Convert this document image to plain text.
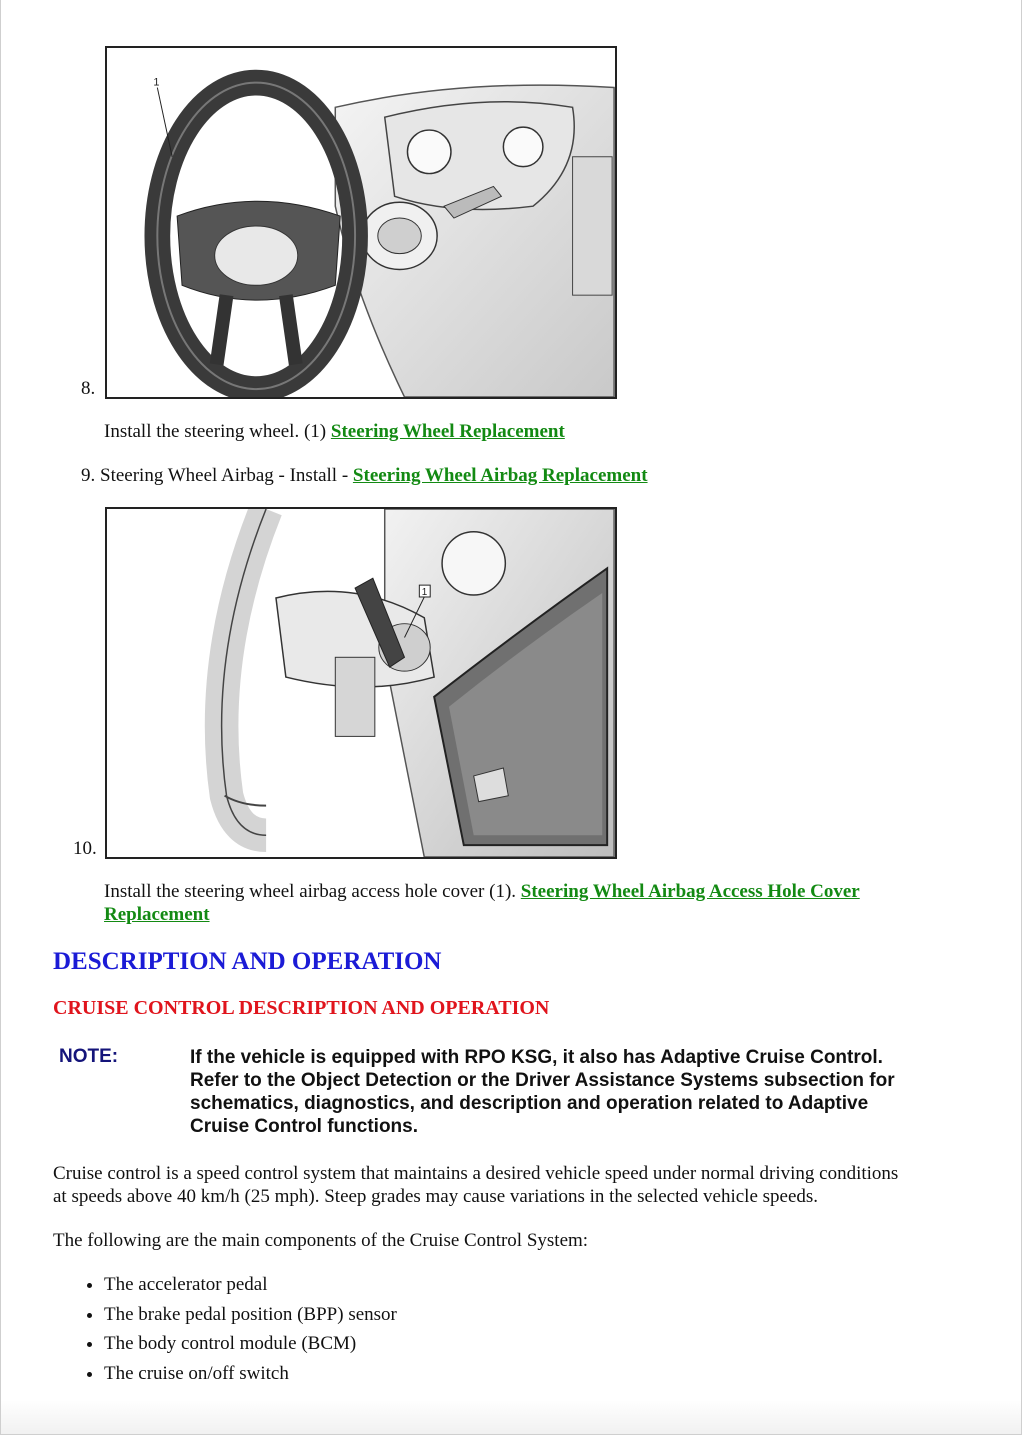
1
8.
Install the steering wheel. (1) Steering Wheel Replacement
9. Steering Wheel Airbag - Install - Steering Wheel Airbag Replacement
1
10.
Install the steering wheel airbag access hole cover (1). Steering Wheel Airbag Access Hole Cover
Replacement
DESCRIPTION AND OPERATION
CRUISE CONTROL DESCRIPTION AND OPERATION
NOTE:	If the vehicle is equipped with RPO KSG, it also has Adaptive Cruise Control.
Refer to the Object Detection or the Driver Assistance Systems subsection for
schematics, diagnostics, and description and operation related to Adaptive
Cruise Control functions.
Cruise control is a speed control system that maintains a desired vehicle speed under normal driving conditions
at speeds above 40 km/h (25 mph). Steep grades may cause variations in the selected vehicle speeds.
The following are the main components of the Cruise Control System:
• The accelerator pedal
• The brake pedal position (BPP) sensor
• The body control module (BCM)
• The cruise on/off switch
